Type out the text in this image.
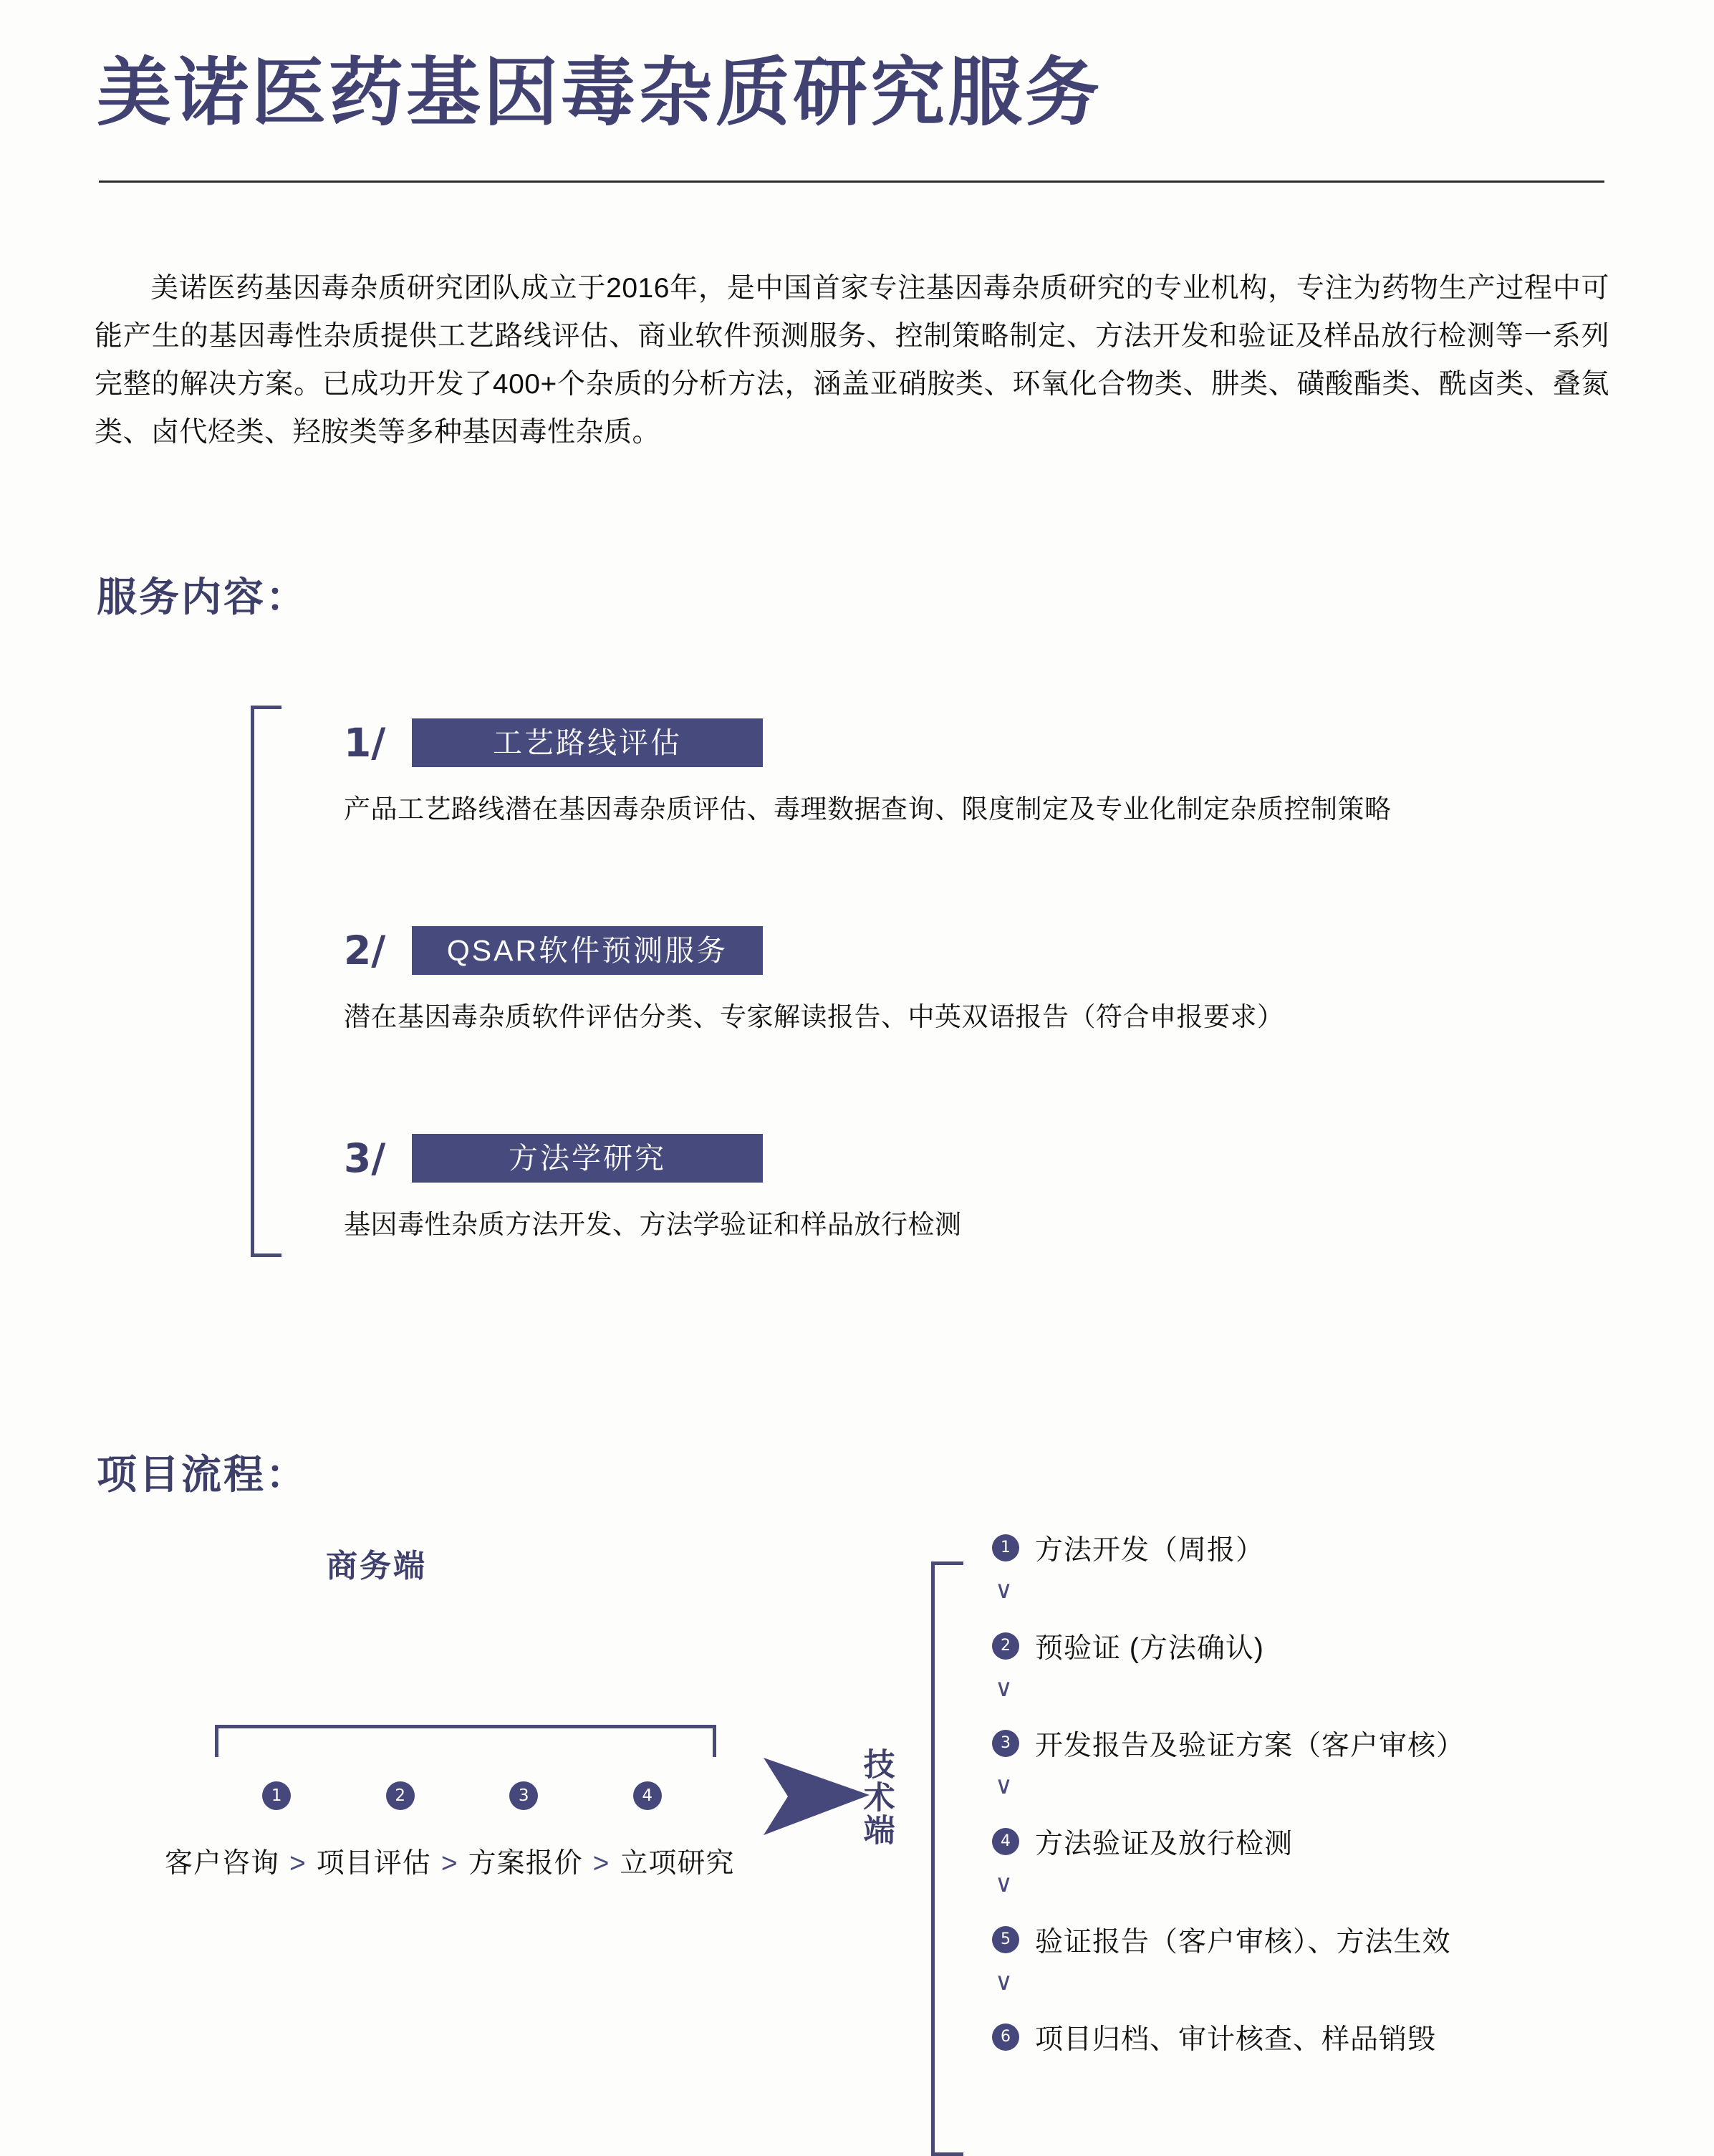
美诺医药基因毒杂质研究服务

美诺医药基因毒杂质研究团队成立于2016年，是中国首家专注基因毒杂质研究的专业机构，专注为药物生产过程中可能产生的基因毒性杂质提供工艺路线评估、商业软件预测服务、控制策略制定、方法开发和验证及样品放行检测等一系列完整的解决方案。已成功开发了400+个杂质的分析方法，涵盖亚硝胺类、环氧化合物类、肼类、磺酸酯类、酰卤类、叠氮类、卤代烃类、羟胺类等多种基因毒性杂质。

服务内容：
1/	工艺路线评估
产品工艺路线潜在基因毒杂质评估、毒理数据查询、限度制定及专业化制定杂质控制策略
2/	QSAR软件预测服务
潜在基因毒杂质软件评估分类、专家解读报告、中英双语报告（符合申报要求）
3/	方法学研究
基因毒性杂质方法开发、方法学验证和样品放行检测
项目流程：
商务端
1	2	3	4
客户咨询 > 项目评估 > 方案报价 > 立项研究
技术端
1 方法开发（周报）
∨
2 预验证 (方法确认)
∨
3 开发报告及验证方案（客户审核）
∨
4 方法验证及放行检测
∨
5 验证报告（客户审核）、方法生效
∨
6 项目归档、审计核查、样品销毁
